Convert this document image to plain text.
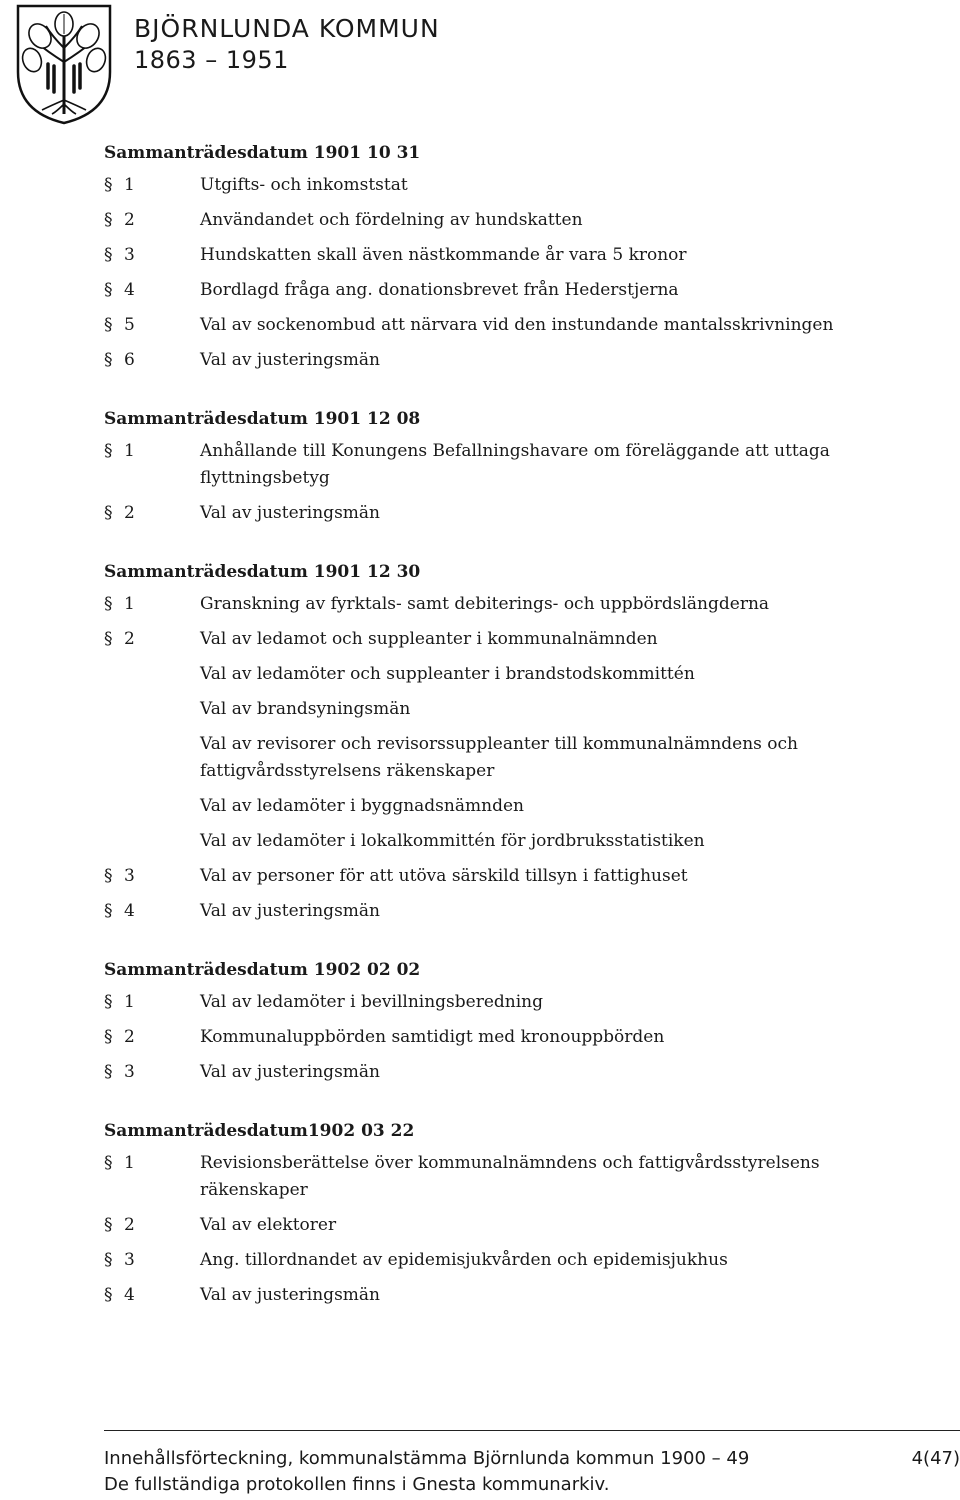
BJÖRNLUNDA KOMMUN
1863 – 1951
Sammanträdesdatum 1901 10 31
§ 1	Utgifts- och inkomststat
§ 2	Användandet och fördelning av hundskatten
§ 3	Hundskatten skall även nästkommande år vara 5 kronor
§ 4	Bordlagd fråga ang. donationsbrevet från Hederstjerna
§ 5	Val av sockenombud att närvara vid den instundande mantalsskrivningen
§ 6	Val av justeringsmän
Sammanträdesdatum 1901 12 08
§ 1	Anhållande till Konungens Befallningshavare om föreläggande att uttaga flyttningsbetyg
§ 2	Val av justeringsmän
Sammanträdesdatum 1901 12 30
§ 1	Granskning av fyrktals- samt debiterings- och uppbördslängderna
§ 2	Val av ledamot och suppleanter i kommunalnämnden
Val av ledamöter och suppleanter i brandstodskommittén
Val av brandsyningsmän
Val av revisorer och revisorssuppleanter till kommunalnämndens och fattigvårdsstyrelsens räkenskaper
Val av ledamöter i byggnadsnämnden
Val av ledamöter i lokalkommittén för jordbruksstatistiken
§ 3	Val av personer för att utöva särskild tillsyn i fattighuset
§ 4	Val av justeringsmän
Sammanträdesdatum 1902 02 02
§ 1	Val av ledamöter i bevillningsberedning
§ 2	Kommunaluppbörden samtidigt med kronouppbörden
§ 3	Val av justeringsmän
Sammanträdesdatum1902 03 22
§ 1	Revisionsberättelse över kommunalnämndens och fattigvårdsstyrelsens räkenskaper
§ 2	Val av elektorer
§ 3	Ang. tillordnandet av epidemisjukvården och epidemisjukhus
§ 4	Val av justeringsmän
Innehållsförteckning, kommunalstämma Björnlunda kommun 1900 – 49
De fullständiga protokollen finns i Gnesta kommunarkiv.
4(47)
